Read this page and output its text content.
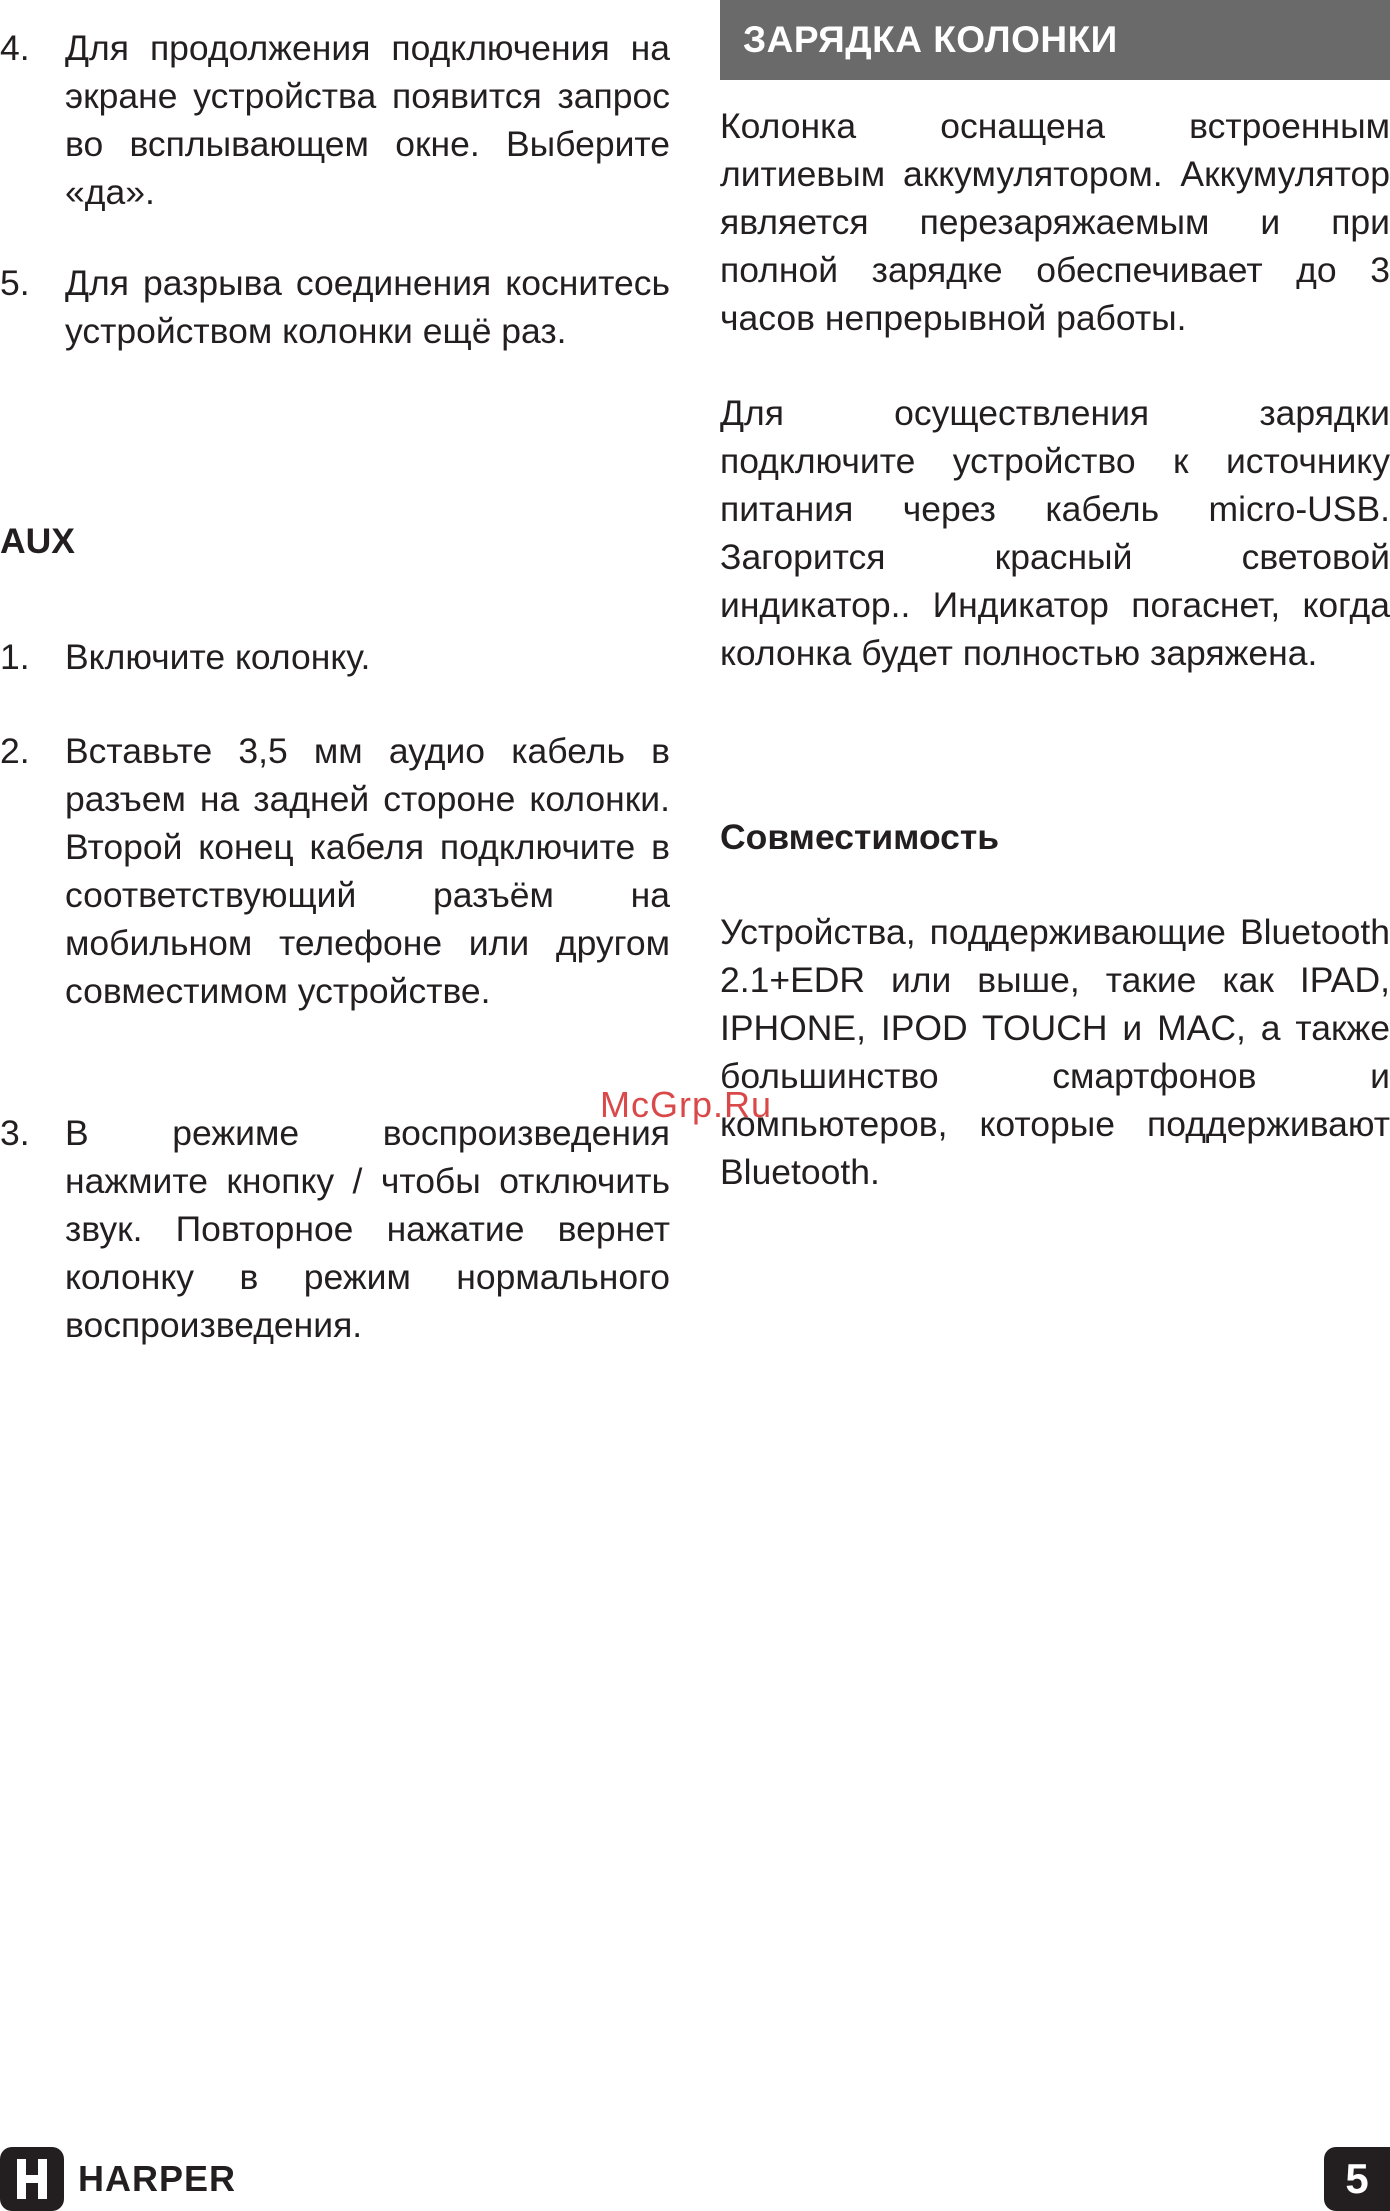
4. Для продолжения подключения на экране устройства появится запрос во всплывающем окне. Выберите «да».
5. Для разрыва соединения коснитесь устройством колонки ещё раз.
AUX
1. Включите колонку.
2. Вставьте 3,5 мм аудио кабель в разъем на задней стороне колонки. Второй конец кабеля подключите в соответствующий разъём на мобильном телефоне или другом совместимом устройстве.
3. В режиме воспроизведения нажмите кнопку / чтобы отключить звук. Повторное нажатие вернет колонку в режим нормального воспроизведения.
ЗАРЯДКА КОЛОНКИ

Колонка оснащена встроенным литиевым аккумулятором. Аккумулятор является перезаряжаемым и при полной зарядке обеспечивает до 3 часов непрерывной работы.

Для осуществления зарядки подключите устройство к источнику питания через кабель micro-USB. Загорится красный световой индикатор.. Индикатор погаснет, когда колонка будет полностью заряжена.

Совместимость

Устройства, поддерживающие Bluetooth 2.1+EDR или выше, такие как IPAD, IPHONE, IPOD TOUCH и MAC, а также большинство смартфонов и компьютеров, которые поддерживают Bluetooth.

McGrp.Ru
HARPER	5
